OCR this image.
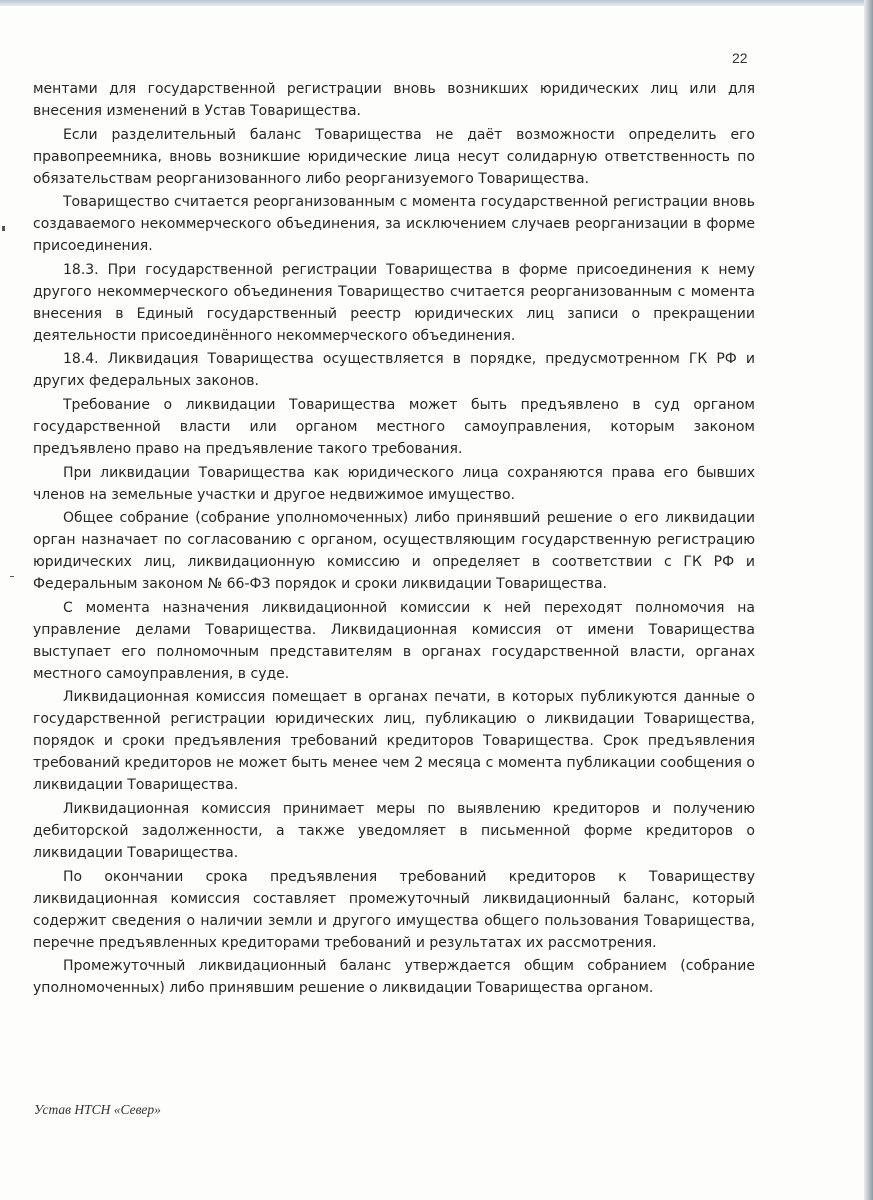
22

ментами для государственной регистрации вновь возникших юридических лиц или для внесения изменений в Устав Товарищества.

Если разделительный баланс Товарищества не даёт возможности определить его правопреемника, вновь возникшие юридические лица несут солидарную ответственность по обязательствам реорганизованного либо реорганизуемого Товарищества.

Товарищество считается реорганизованным с момента государственной регистрации вновь создаваемого некоммерческого объединения, за исключением случаев реорганизации в форме присоединения.

18.3. При государственной регистрации Товарищества в форме присоединения к нему другого некоммерческого объединения Товарищество считается реорганизованным с момента внесения в Единый государственный реестр юридических лиц записи о прекращении деятельности присоединённого некоммерческого объединения.

18.4. Ликвидация Товарищества осуществляется в порядке, предусмотренном ГК РФ и других федеральных законов.

Требование о ликвидации Товарищества может быть предъявлено в суд органом государственной власти или органом местного самоуправления, которым законом предъявлено право на предъявление такого требования.

При ликвидации Товарищества как юридического лица сохраняются права его бывших членов на земельные участки и другое недвижимое имущество.

Общее собрание (собрание уполномоченных) либо принявший решение о его ликвидации орган назначает по согласованию с органом, осуществляющим государственную регистрацию юридических лиц, ликвидационную комиссию и определяет в соответствии с ГК РФ и Федеральным законом № 66-ФЗ порядок и сроки ликвидации Товарищества.

С момента назначения ликвидационной комиссии к ней переходят полномочия на управление делами Товарищества. Ликвидационная комиссия от имени Товарищества выступает его полномочным представителям в органах государственной власти, органах местного самоуправления, в суде.

Ликвидационная комиссия помещает в органах печати, в которых публикуются данные о государственной регистрации юридических лиц, публикацию о ликвидации Товарищества, порядок и сроки предъявления требований кредиторов Товарищества. Срок предъявления требований кредиторов не может быть менее чем 2 месяца с момента публикации сообщения о ликвидации Товарищества.

Ликвидационная комиссия принимает меры по выявлению кредиторов и получению дебиторской задолженности, а также уведомляет в письменной форме кредиторов о ликвидации Товарищества.

По окончании срока предъявления требований кредиторов к Товариществу ликвидационная комиссия составляет промежуточный ликвидационный баланс, который содержит сведения о наличии земли и другого имущества общего пользования Товарищества, перечне предъявленных кредиторами требований и результатах их рассмотрения.

Промежуточный ликвидационный баланс утверждается общим собранием (собрание уполномоченных) либо принявшим решение о ликвидации Товарищества органом.

Устав НТСН «Север»
